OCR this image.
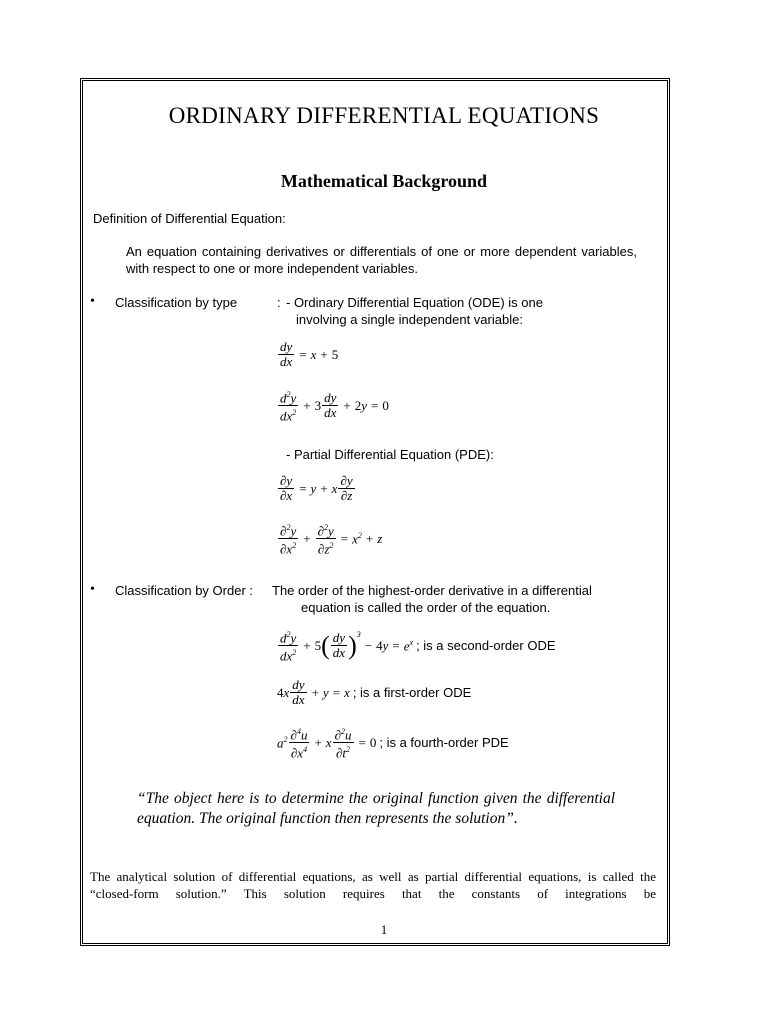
ORDINARY DIFFERENTIAL EQUATIONS
Mathematical Background

Definition of Differential Equation:

An equation containing derivatives or differentials of one or more dependent variables, with respect to one or more independent variables.

• Classification by type	: - Ordinary Differential Equation (ODE) is one

involving a single independent variable:

$\frac{dy}{dx} = x + 5$
$\frac{d^2y}{dx^2} + 3 \frac{dy}{dx} + 2$ y = 0

- Partial Differential Equation (PDE):

$\frac{\partial y}{\partial x} = y + x \frac{\partial y}{\partial z}$
$\frac{\partial^2y}{\partial x^2} + \frac{\partial^2y}{\partial z^2} = x^2 + z$
• Classification by Order : The order of the highest-order derivative in a differential

equation is called the order of the equation.

$\frac{d^2y}{dx^2} + 5$ ( $\frac{dy}{dx} )^3$
− 4 $y = e^x$ ; is a second-order ODE
4 x $\frac{dy}{dx} + y = x$ ; is a first-order ODE
$a^2 \frac{\partial^4u}{\partial x^4} + x \frac{\partial^2u}{\partial t^2} = 0$ ; is a fourth-order PDE

“The object here is to determine the original function given the differential equation. The original function then represents the solution”.

The analytical solution of differential equations, as well as partial differential equations, is called the “closed-form solution.” This solution requires that the constants of integrations be

1
